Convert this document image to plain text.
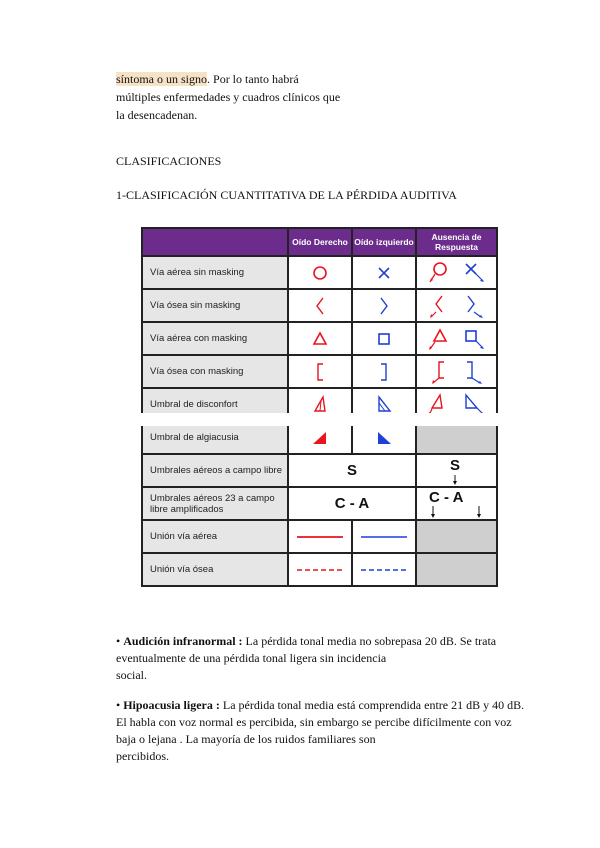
síntoma o un signo. Por lo tanto habrá
múltiples enfermedades y cuadros clínicos que
la desencadenan.
CLASIFICACIONES
1-CLASIFICACIÓN CUANTITATIVA DE LA PÉRDIDA AUDITIVA
	Oído Derecho	Oído izquierdo	Ausencia de Respuesta
Vía aérea sin masking	

Vía ósea sin masking	

Vía aérea con masking	

Vía ósea con masking	

Umbral de disconfort	

Umbral de algiacusia	

Umbrales aéreos a campo libre	S		S

Umbrales aéreos 23 a campo libre amplificados	C - A		C - A

Unión vía aérea	

Unión vía ósea	

• Audición infranormal : La pérdida tonal media no sobrepasa 20 dB. Se trata
eventualmente de una pérdida tonal ligera sin incidencia
social.
• Hipoacusia ligera : La pérdida tonal media está comprendida entre 21 dB y 40 dB.
El habla con voz normal es percibida, sin embargo se percibe difícilmente con voz
baja o lejana . La mayoría de los ruidos familiares son
percibidos.
